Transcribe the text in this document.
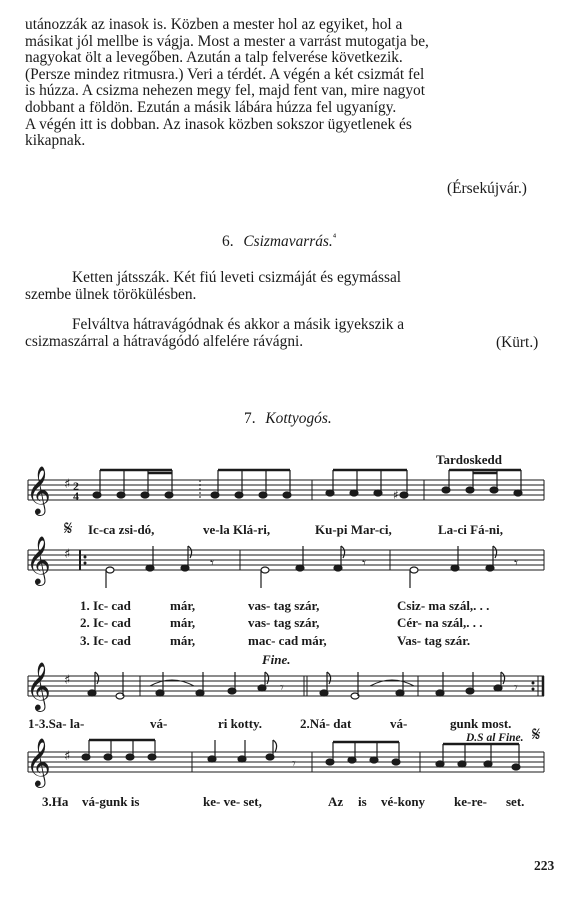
utánozzák az inasok is. Közben a mester hol az egyiket, hol a
másikat jól mellbe is vágja. Most a mester a varrást mutogatja be,
nagyokat ölt a levegőben. Azután a talp felverése következik.
(Persze mindez ritmusra.) Veri a térdét. A végén a két csizmát fel
is húzza. A csizma nehezen megy fel, majd fent van, mire nagyot
dobbant a földön. Ezután a másik lábára húzza fel ugyanígy.
A végén itt is dobban. Az inasok közben sokszor ügyetlenek és
kikapnak.
(Érsekújvár.)
6. Csizmavarrás.$^{^4}$
Ketten játsszák. Két fiú leveti csizmáját és egymással
szembe ülnek törökülésben.
Felváltva hátravágódnak és akkor a másik igyekszik a
csizmaszárral a hátravágódó alfelére rávágni.	(Kürt.)
7. Kottyogós.
Tardoskedd
𝄞 ♯ 2
4	♯
𝄋 Ic-ca zsi-dó,	ve-la Klá-ri,	Ku-pi Mar-ci,	La-ci Fá-ni,
𝄞 ♯	𝄾	𝄾	𝄾
1. Ic- cad	már,	vas- tag szár,	Csiz- ma szál,. . .
2. Ic- cad	már,	vas- tag szár,	Cér- na szál,. . .
3. Ic- cad	már,	mac- cad már,	Vas- tag szár.
Fine.
𝄞 ♯	𝄾	𝄾
1-3.Sa- la-	vá-	ri kotty.	2.Ná- dat	vá-	gunk most.
D.S al Fine. 𝄋
𝄞 ♯	𝄾
3.Ha vá-gunk is	ke- ve- set,	Az is vé-kony ke-re- set.
223
